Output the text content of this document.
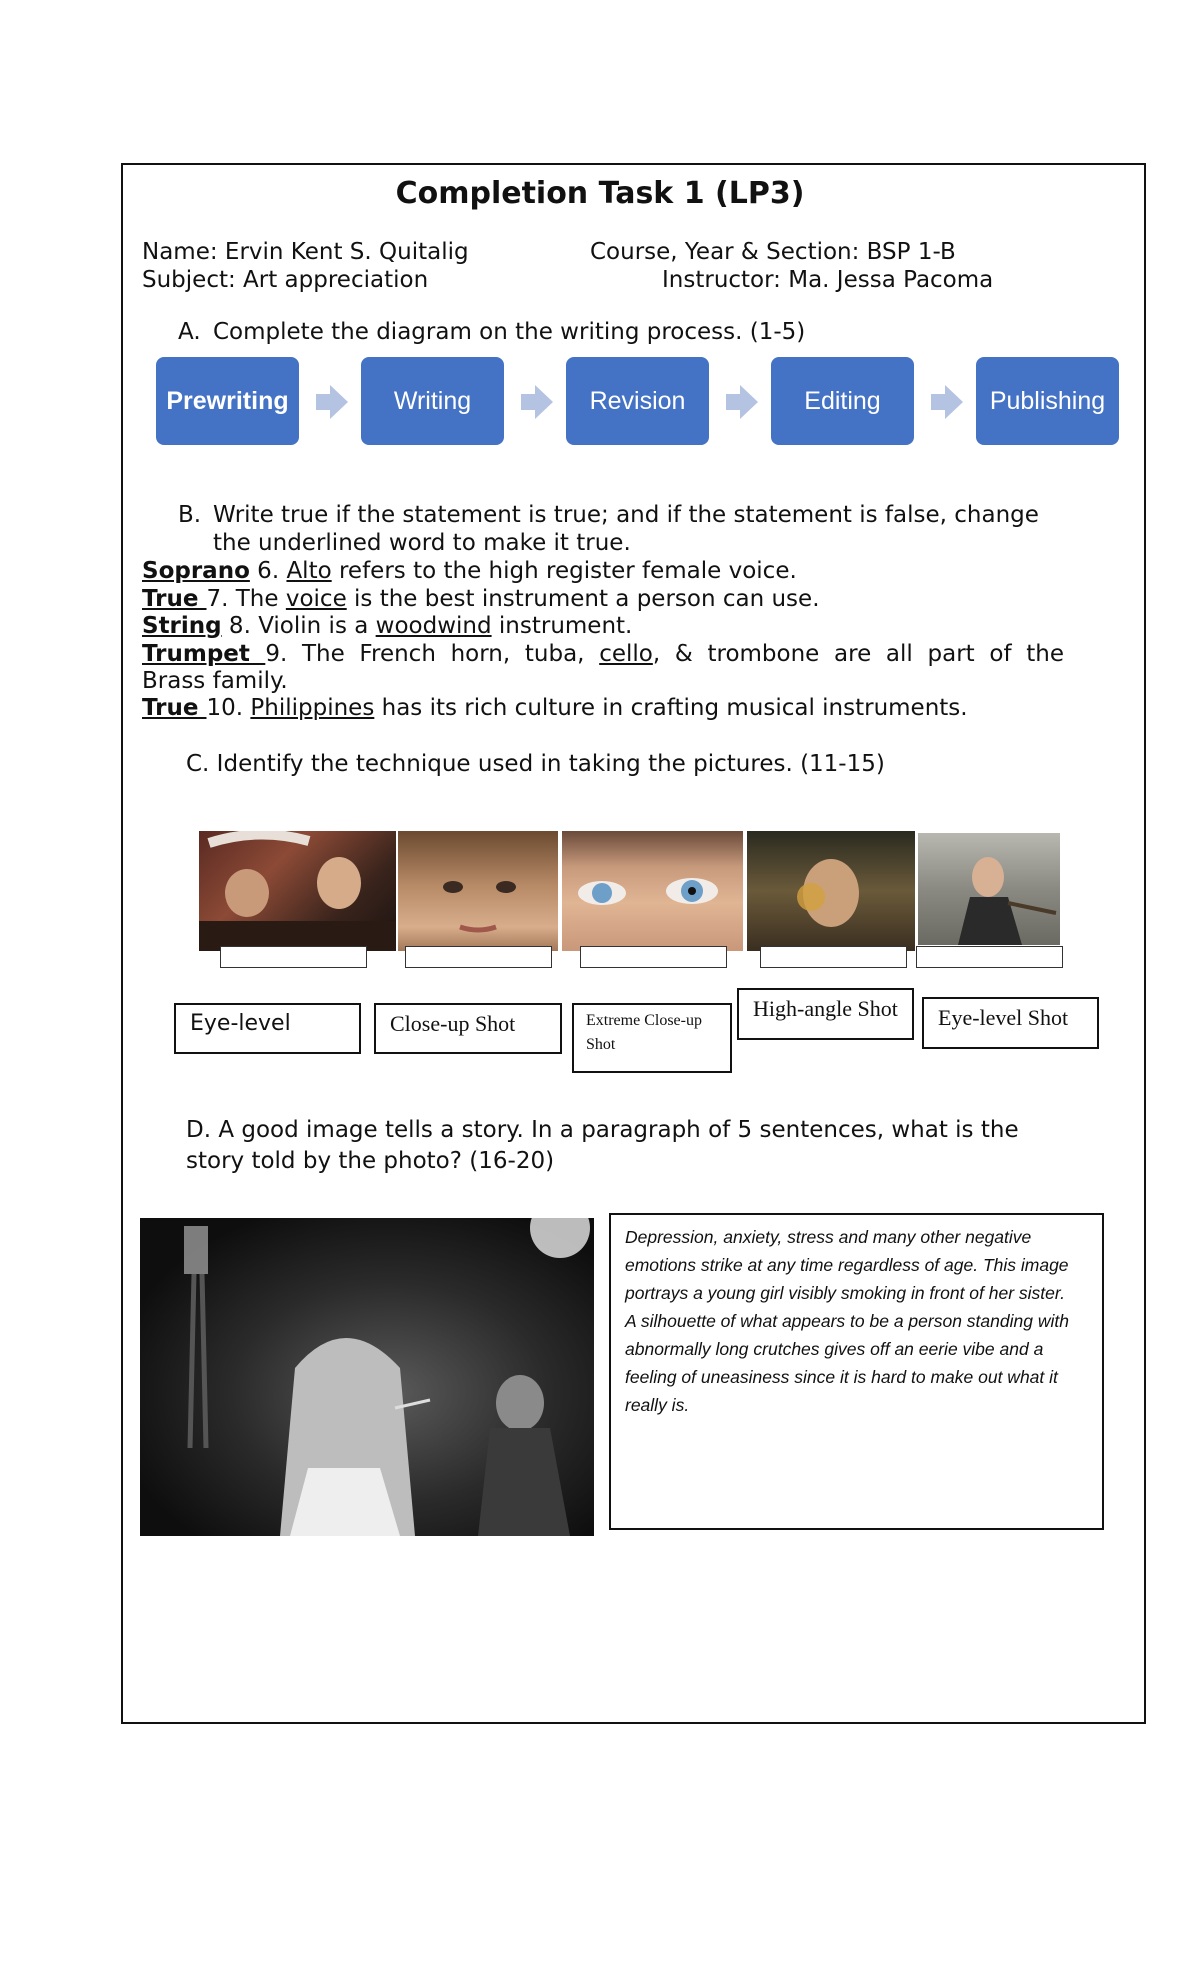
Completion Task 1 (LP3)
Name: Ervin Kent S. Quitalig	Course, Year & Section: BSP 1-B
Subject: Art appreciation	Instructor: Ma. Jessa Pacoma
A. Complete the diagram on the writing process. (1-5)
Prewriting	Writing	Revision	Editing	Publishing
B. Write true if the statement is true; and if the statement is false, change
the underlined word to make it true.
Soprano 6. Alto refers to the high register female voice.
True 7. The voice is the best instrument a person can use.
String 8. Violin is a woodwind instrument.
Trumpet 9. The French horn, tuba, cello, & trombone are all part of the
Brass family.
True 10. Philippines has its rich culture in crafting musical instruments.
C. Identify the technique used in taking the pictures. (11-15)
Eye-level	Close-up Shot	Extreme Close-up Shot
High-angle Shot	Eye-level Shot
D. A good image tells a story. In a paragraph of 5 sentences, what is the
story told by the photo? (16-20)
Depression, anxiety, stress and many other negative
emotions strike at any time regardless of age. This image
portrays a young girl visibly smoking in front of her sister.
A silhouette of what appears to be a person standing with
abnormally long crutches gives off an eerie vibe and a
feeling of uneasiness since it is hard to make out what it
really is.
